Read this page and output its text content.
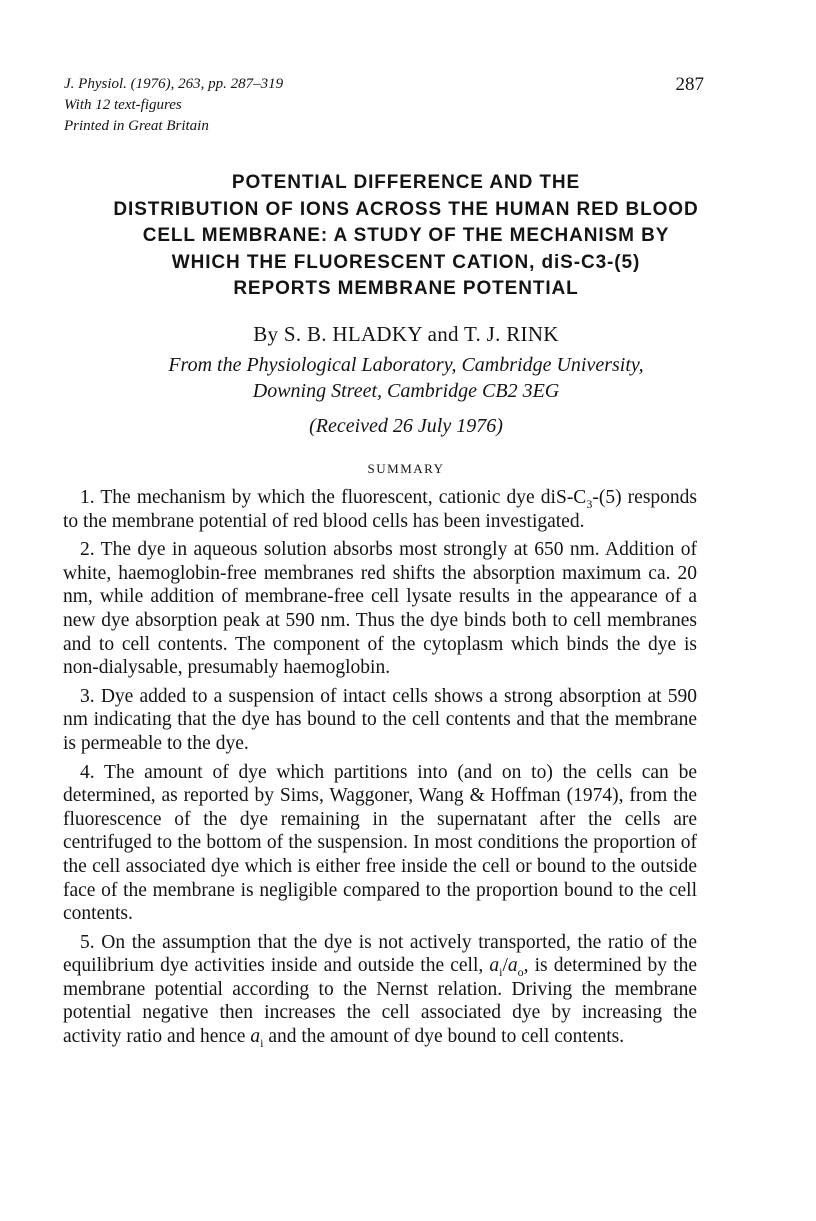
J. Physiol. (1976), 263, pp. 287–319
With 12 text-figures
Printed in Great Britain
287
POTENTIAL DIFFERENCE AND THE
DISTRIBUTION OF IONS ACROSS THE HUMAN RED BLOOD
CELL MEMBRANE: A STUDY OF THE MECHANISM BY
WHICH THE FLUORESCENT CATION, diS-C3-(5)
REPORTS MEMBRANE POTENTIAL
By S. B. HLADKY and T. J. RINK
From the Physiological Laboratory, Cambridge University,
Downing Street, Cambridge CB2 3EG
(Received 26 July 1976)
SUMMARY

1. The mechanism by which the fluorescent, cationic dye diS-$C_3-(5)$ responds to the membrane potential of red blood cells has been investigated.

2. The dye in aqueous solution absorbs most strongly at 650 nm. Addition of white, haemoglobin-free membranes red shifts the absorption maximum ca. 20 nm, while addition of membrane-free cell lysate results in the appearance of a new dye absorption peak at 590 nm. Thus the dye binds both to cell membranes and to cell contents. The component of the cytoplasm which binds the dye is non-dialysable, presumably haemoglobin.

3. Dye added to a suspension of intact cells shows a strong absorption at 590 nm indicating that the dye has bound to the cell contents and that the membrane is permeable to the dye.

4. The amount of dye which partitions into (and on to) the cells can be determined, as reported by Sims, Waggoner, Wang & Hoffman (1974), from the fluorescence of the dye remaining in the supernatant after the cells are centrifuged to the bottom of the suspension. In most conditions the proportion of the cell associated dye which is either free inside the cell or bound to the outside face of the membrane is negligible compared to the proportion bound to the cell contents.

5. On the assumption that the dye is not actively transported, the ratio of the equilibrium dye activities inside and outside the cell, $a_i/a_o$, is determined by the membrane potential according to the Nernst relation. Driving the membrane potential negative then increases the cell associated dye by increasing the activity ratio and hence $a_i$ and the amount of dye bound to cell contents.
